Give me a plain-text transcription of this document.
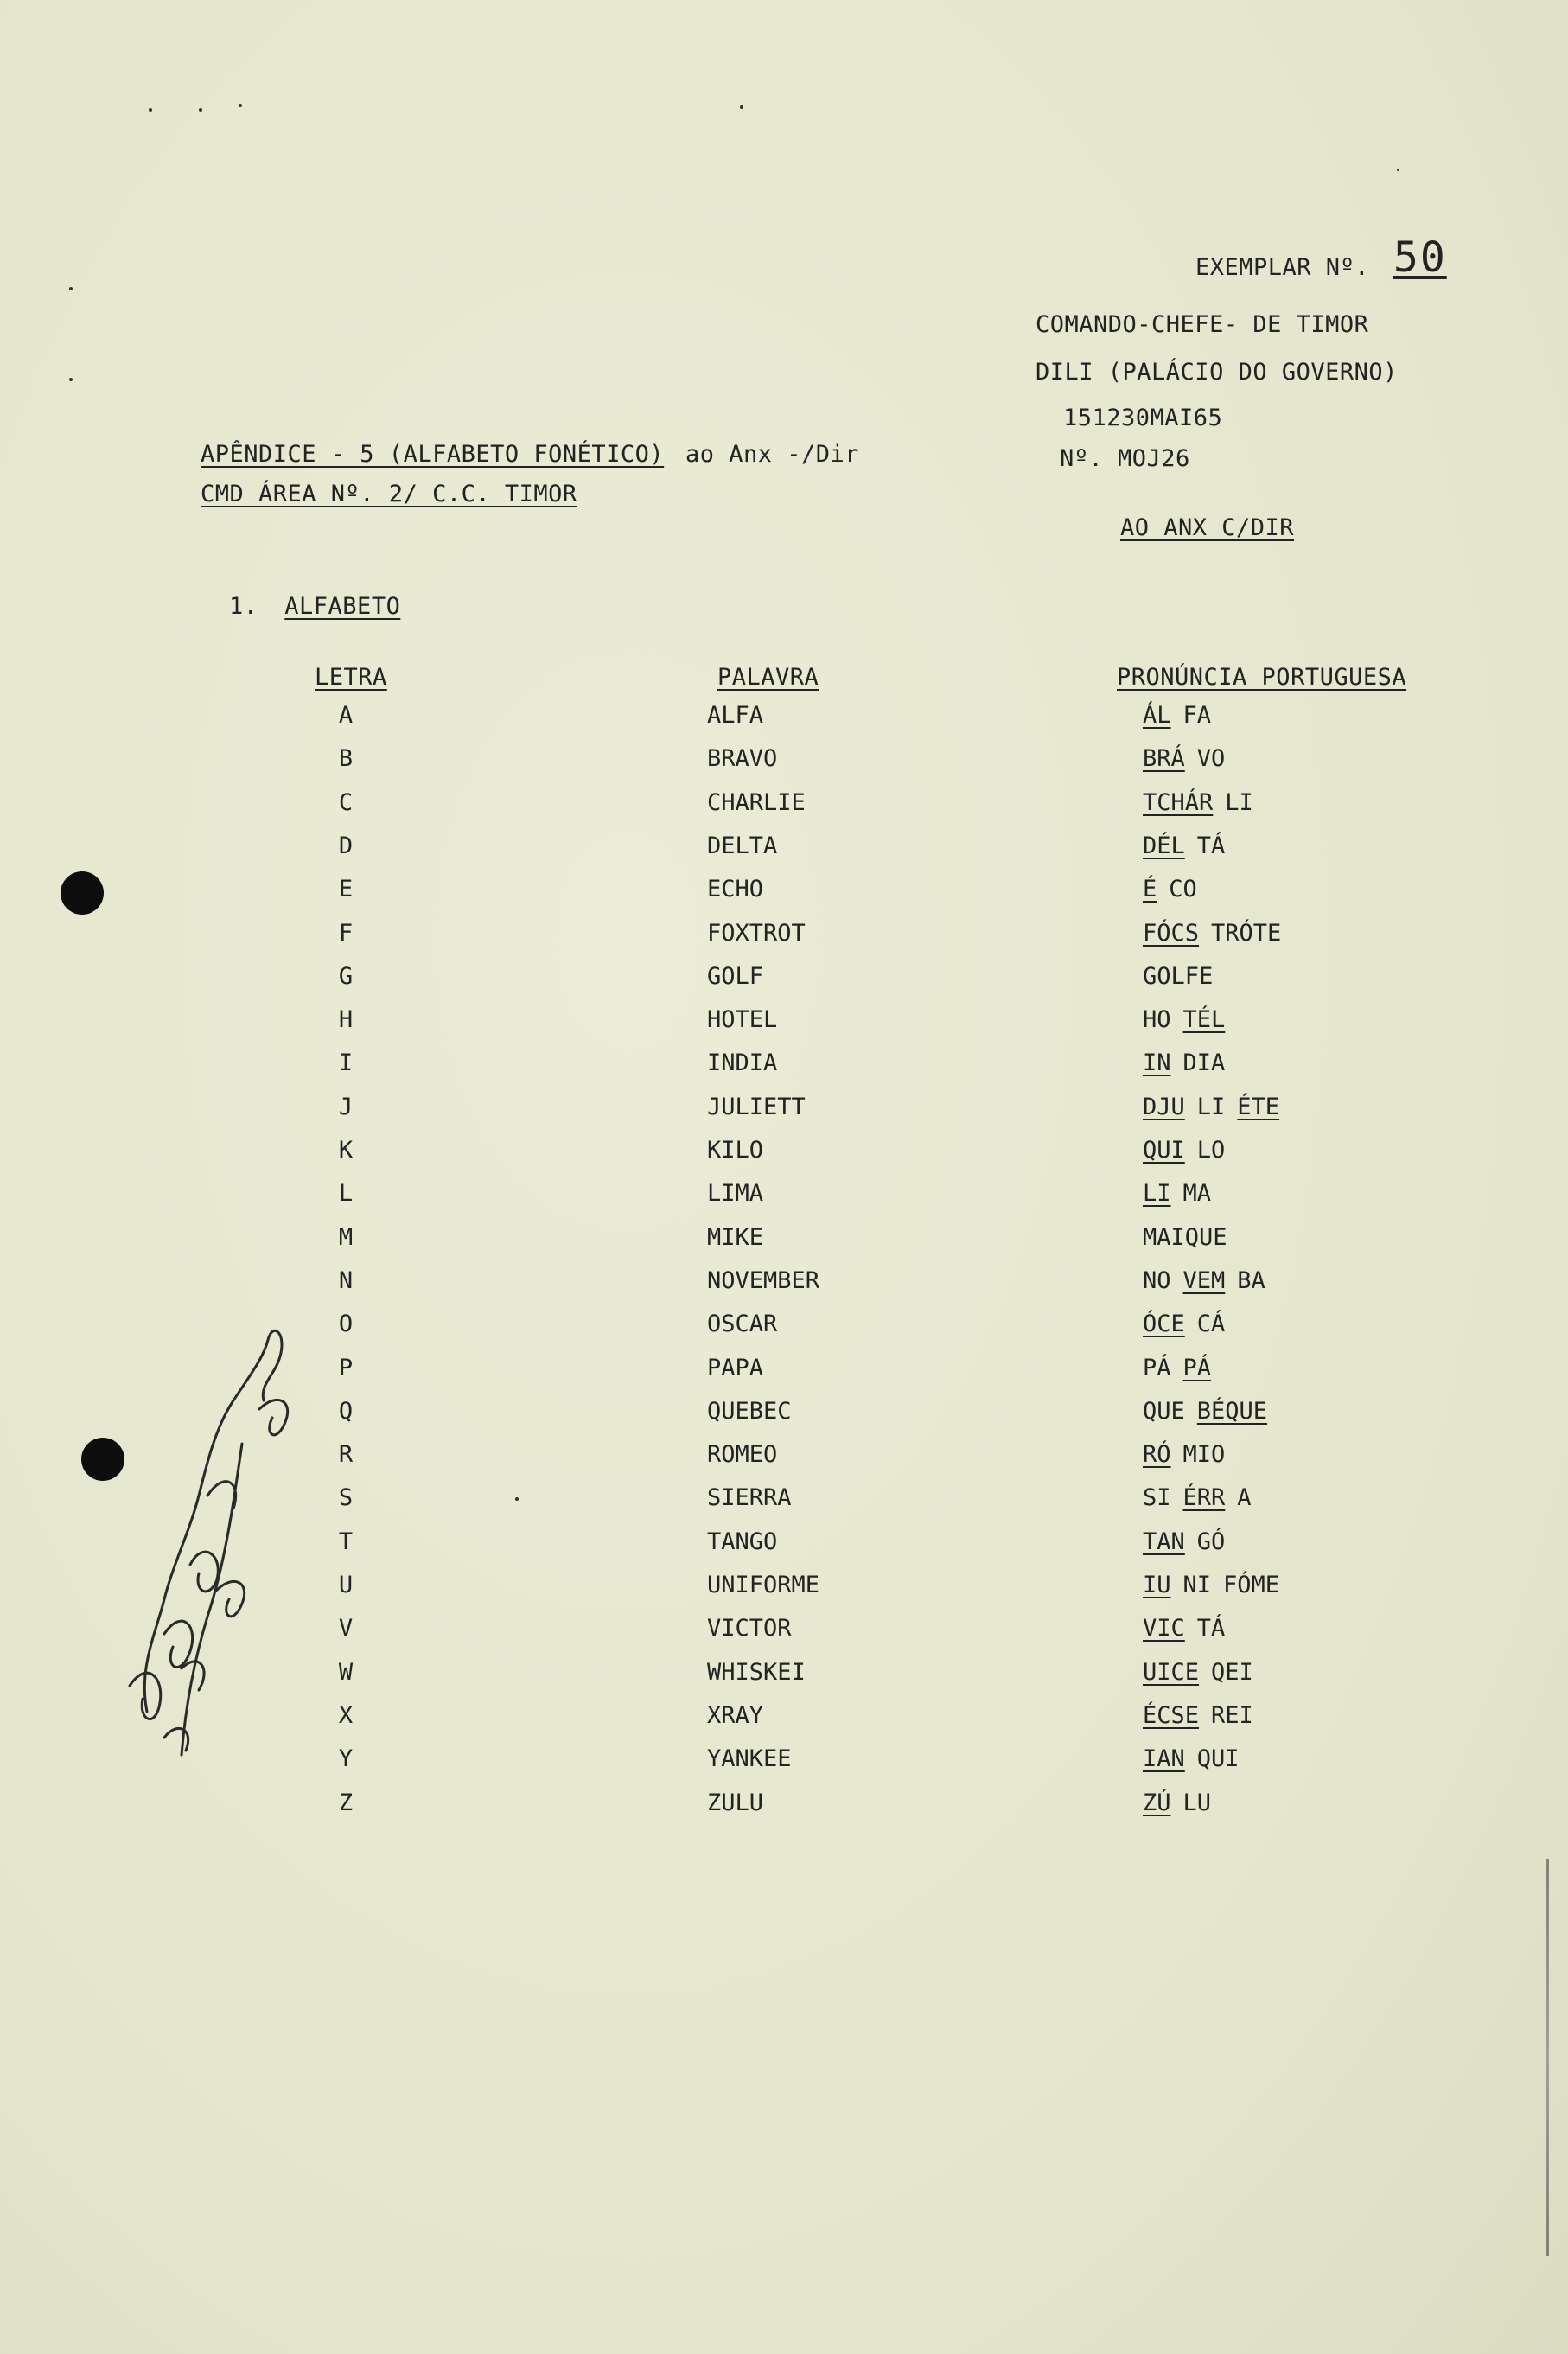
EXEMPLAR Nº. 50
COMANDO-CHEFE- DE TIMOR
DILI (PALÁCIO DO GOVERNO)
151230MAI65
Nº. MOJ26
AO ANX C/DIR
APÊNDICE - 5 (ALFABETO FONÉTICO) ao Anx -/Dir
CMD ÁREA Nº. 2/ C.C. TIMOR
1. ALFABETO
LETRA	PALAVRA	PRONÚNCIA PORTUGUESA
A	ALFA	ÁL FA
B	BRAVO	BRÁ VO
C	CHARLIE	TCHÁR LI
D	DELTA	DÉL TÁ
E	ECHO	É CO
F	FOXTROT	FÓCS TRÓTE
G	GOLF	GOLFE
H	HOTEL	HO TÉL
I	INDIA	IN DIA
J	JULIETT	DJU LI ÉTE
K	KILO	QUI LO
L	LIMA	LI MA
M	MIKE	MAIQUE
N	NOVEMBER	NO VEM BA
O	OSCAR	ÓCE CÁ
P	PAPA	PÁ PÁ
Q	QUEBEC	QUE BÉQUE
R	ROMEO	RÓ MIO
S	SIERRA	SI ÉRR A
T	TANGO	TAN GÓ
U	UNIFORME	IU NI FÓME
V	VICTOR	VIC TÁ
W	WHISKEI	UICE QEI
X	XRAY	ÉCSE REI
Y	YANKEE	IAN QUI
Z	ZULU	ZÚ LU
